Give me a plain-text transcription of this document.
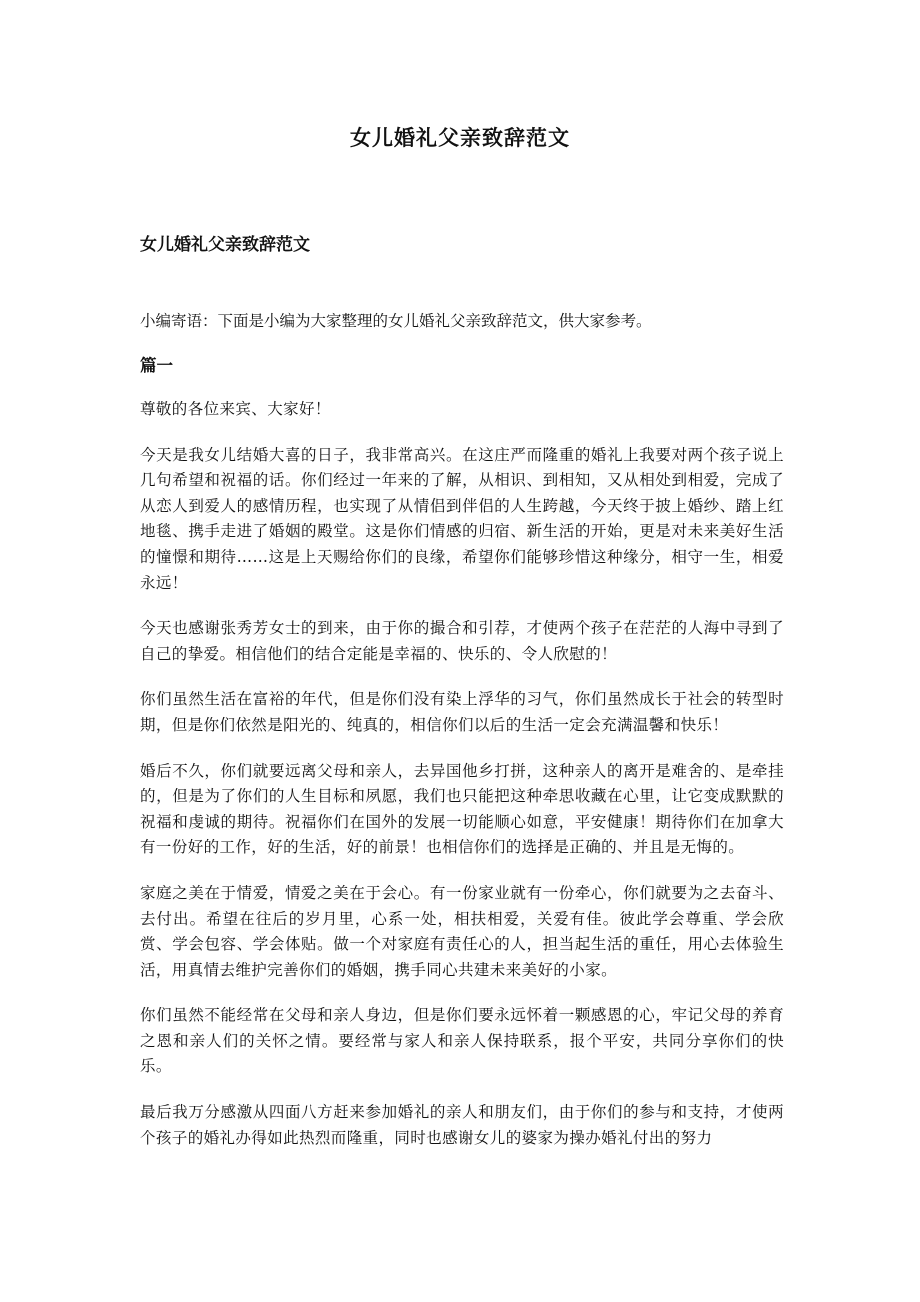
女儿婚礼父亲致辞范文
女儿婚礼父亲致辞范文

小编寄语：下面是小编为大家整理的女儿婚礼父亲致辞范文，供大家参考。

篇一

尊敬的各位来宾、大家好！

今天是我女儿结婚大喜的日子，我非常高兴。在这庄严而隆重的婚礼上我要对两个孩子说上几句希望和祝福的话。你们经过一年来的了解，从相识、到相知，又从相处到相爱，完成了从恋人到爱人的感情历程，也实现了从情侣到伴侣的人生跨越，今天终于披上婚纱、踏上红地毯、携手走进了婚姻的殿堂。这是你们情感的归宿、新生活的开始，更是对未来美好生活的憧憬和期待……这是上天赐给你们的良缘，希望你们能够珍惜这种缘分，相守一生，相爱永远！

今天也感谢张秀芳女士的到来，由于你的撮合和引荐，才使两个孩子在茫茫的人海中寻到了自己的挚爱。相信他们的结合定能是幸福的、快乐的、令人欣慰的！

你们虽然生活在富裕的年代，但是你们没有染上浮华的习气，你们虽然成长于社会的转型时期，但是你们依然是阳光的、纯真的，相信你们以后的生活一定会充满温馨和快乐！

婚后不久，你们就要远离父母和亲人，去异国他乡打拼，这种亲人的离开是难舍的、是牵挂的，但是为了你们的人生目标和夙愿，我们也只能把这种牵思收藏在心里，让它变成默默的祝福和虔诚的期待。祝福你们在国外的发展一切能顺心如意，平安健康！期待你们在加拿大有一份好的工作，好的生活，好的前景！也相信你们的选择是正确的、并且是无悔的。

家庭之美在于情爱，情爱之美在于会心。有一份家业就有一份牵心，你们就要为之去奋斗、去付出。希望在往后的岁月里，心系一处，相扶相爱，关爱有佳。彼此学会尊重、学会欣赏、学会包容、学会体贴。做一个对家庭有责任心的人，担当起生活的重任，用心去体验生活，用真情去维护完善你们的婚姻，携手同心共建未来美好的小家。

你们虽然不能经常在父母和亲人身边，但是你们要永远怀着一颗感恩的心，牢记父母的养育之恩和亲人们的关怀之情。要经常与家人和亲人保持联系，报个平安，共同分享你们的快乐。

最后我万分感激从四面八方赶来参加婚礼的亲人和朋友们，由于你们的参与和支持，才使两个孩子的婚礼办得如此热烈而隆重，同时也感谢女儿的婆家为操办婚礼付出的努力
